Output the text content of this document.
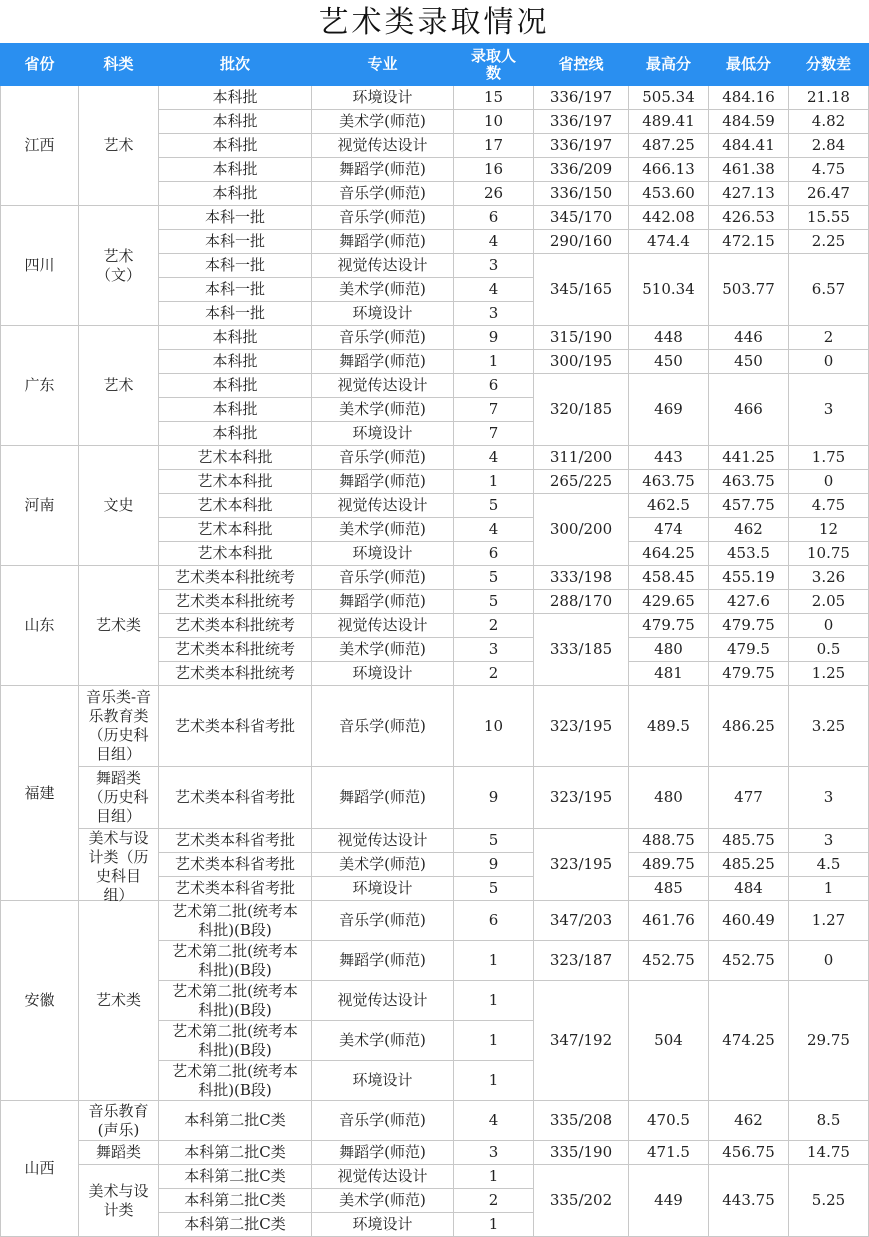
艺术类录取情况
省份	科类	批次	专业	录取人数	省控线	最高分	最低分	分数差
江西	艺术	本科批	环境设计	15	336/197	505.34	484.16	21.18
		本科批	美术学(师范)	10	336/197	489.41	484.59	4.82
		本科批	视觉传达设计	17	336/197	487.25	484.41	2.84
		本科批	舞蹈学(师范)	16	336/209	466.13	461.38	4.75
		本科批	音乐学(师范)	26	336/150	453.60	427.13	26.47
四川	艺术（文）	本科一批	音乐学(师范)	6	345/170	442.08	426.53	15.55
		本科一批	舞蹈学(师范)	4	290/160	474.4	472.15	2.25
		本科一批	视觉传达设计	3	345/165	510.34	503.77	6.57
		本科一批	美术学(师范)	4				
		本科一批	环境设计	3				
广东	艺术	本科批	音乐学(师范)	9	315/190	448	446	2
		本科批	舞蹈学(师范)	1	300/195	450	450	0
		本科批	视觉传达设计	6	320/185	469	466	3
		本科批	美术学(师范)	7				
		本科批	环境设计	7				
河南	文史	艺术本科批	音乐学(师范)	4	311/200	443	441.25	1.75
		艺术本科批	舞蹈学(师范)	1	265/225	463.75	463.75	0
		艺术本科批	视觉传达设计	5	300/200	462.5	457.75	4.75
		艺术本科批	美术学(师范)	4		474	462	12
		艺术本科批	环境设计	6		464.25	453.5	10.75
山东	艺术类	艺术类本科批统考	音乐学(师范)	5	333/198	458.45	455.19	3.26
		艺术类本科批统考	舞蹈学(师范)	5	288/170	429.65	427.6	2.05
		艺术类本科批统考	视觉传达设计	2	333/185	479.75	479.75	0
		艺术类本科批统考	美术学(师范)	3		480	479.5	0.5
		艺术类本科批统考	环境设计	2		481	479.75	1.25
福建	音乐类-音乐教育类（历史科目组）	艺术类本科省考批	音乐学(师范)	10	323/195	489.5	486.25	3.25
	舞蹈类（历史科目组）	艺术类本科省考批	舞蹈学(师范)	9	323/195	480	477	3

	美术与设计类（历史科目组）	艺术类本科省考批	视觉传达设计	5	323/195	488.75	485.75	3
		艺术类本科省考批	美术学(师范)	9		489.75	485.25	4.5
		艺术类本科省考批	环境设计	5		485	484	1
安徽	艺术类	艺术第二批(统考本科批)(B段)	音乐学(师范)	6	347/203	461.76	460.49	1.27
		艺术第二批(统考本科批)(B段)	舞蹈学(师范)	1	323/187	452.75	452.75	0
		艺术第二批(统考本科批)(B段)	视觉传达设计	1	347/192	504	474.25	29.75
		艺术第二批(统考本科批)(B段)	美术学(师范)	1				
		艺术第二批(统考本科批)(B段)	环境设计	1				
山西	音乐教育(声乐)	本科第二批C类	音乐学(师范)	4	335/208	470.5	462	8.5
	舞蹈类	本科第二批C类	舞蹈学(师范)	3	335/190	471.5	456.75	14.75
	美术与设计类	本科第二批C类	视觉传达设计	1	335/202	449	443.75	5.25
		本科第二批C类	美术学(师范)	2				
		本科第二批C类	环境设计	1				
